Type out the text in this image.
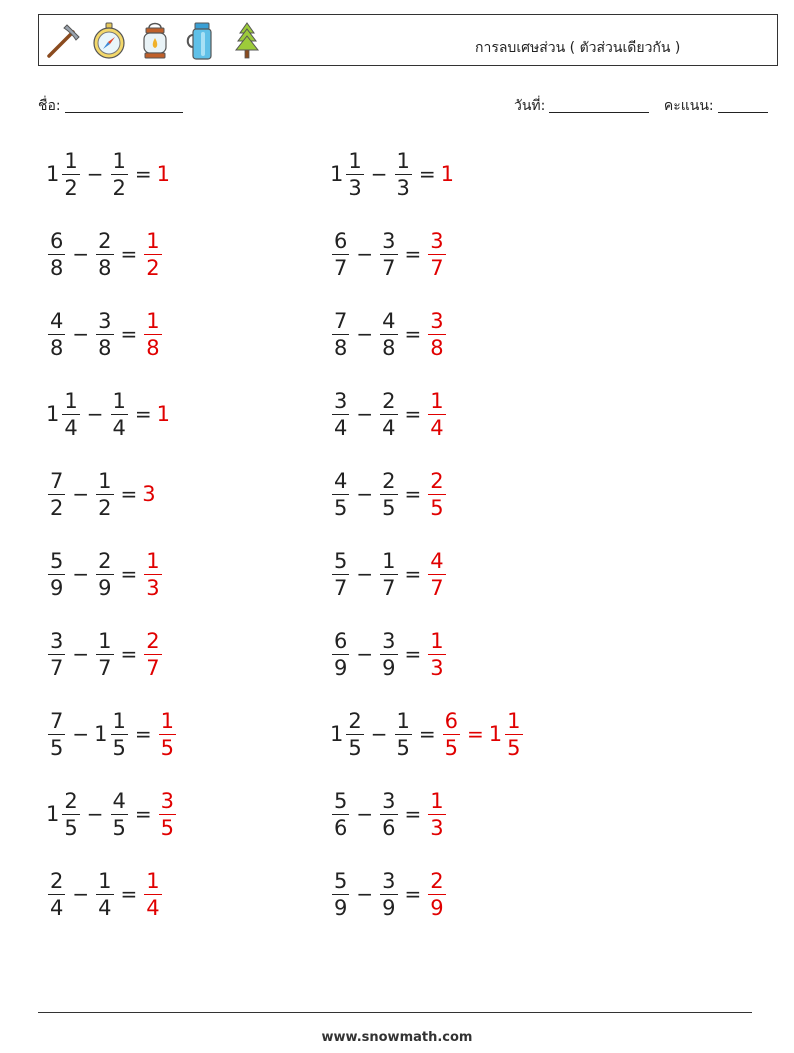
การลบเศษส่วน ( ตัวส่วนเดียวกัน )
ชื่อ:	วันที่:	คะแนน:
$1 \frac{1}{2} - \frac{1}{2} = 1$	$1 \frac{1}{3} - \frac{1}{3} = 1$
$\frac{6}{8} - \frac{2}{8} = \frac{1}{2}$	$\frac{6}{7} - \frac{3}{7} = \frac{3}{7}$
$\frac{4}{8} - \frac{3}{8} = \frac{1}{8}$	$\frac{7}{8} - \frac{4}{8} = \frac{3}{8}$
$1 \frac{1}{4} - \frac{1}{4} = 1$	$\frac{3}{4} - \frac{2}{4} = \frac{1}{4}$
$\frac{7}{2} - \frac{1}{2} = 3$	$\frac{4}{5} - \frac{2}{5} = \frac{2}{5}$
$\frac{5}{9} - \frac{2}{9} = \frac{1}{3}$	$\frac{5}{7} - \frac{1}{7} = \frac{4}{7}$
$\frac{3}{7} - \frac{1}{7} = \frac{2}{7}$	$\frac{6}{9} - \frac{3}{9} = \frac{1}{3}$
$\frac{7}{5} - 1 \frac{1}{5} = \frac{1}{5}$	$1 \frac{2}{5} - \frac{1}{5} = \frac{6}{5} = 1 \frac{1}{5}$
$1 \frac{2}{5} - \frac{4}{5} = \frac{3}{5}$	$\frac{5}{6} - \frac{3}{6} = \frac{1}{3}$
$\frac{2}{4} - \frac{1}{4} = \frac{1}{4}$	$\frac{5}{9} - \frac{3}{9} = \frac{2}{9}$
www.snowmath.com
